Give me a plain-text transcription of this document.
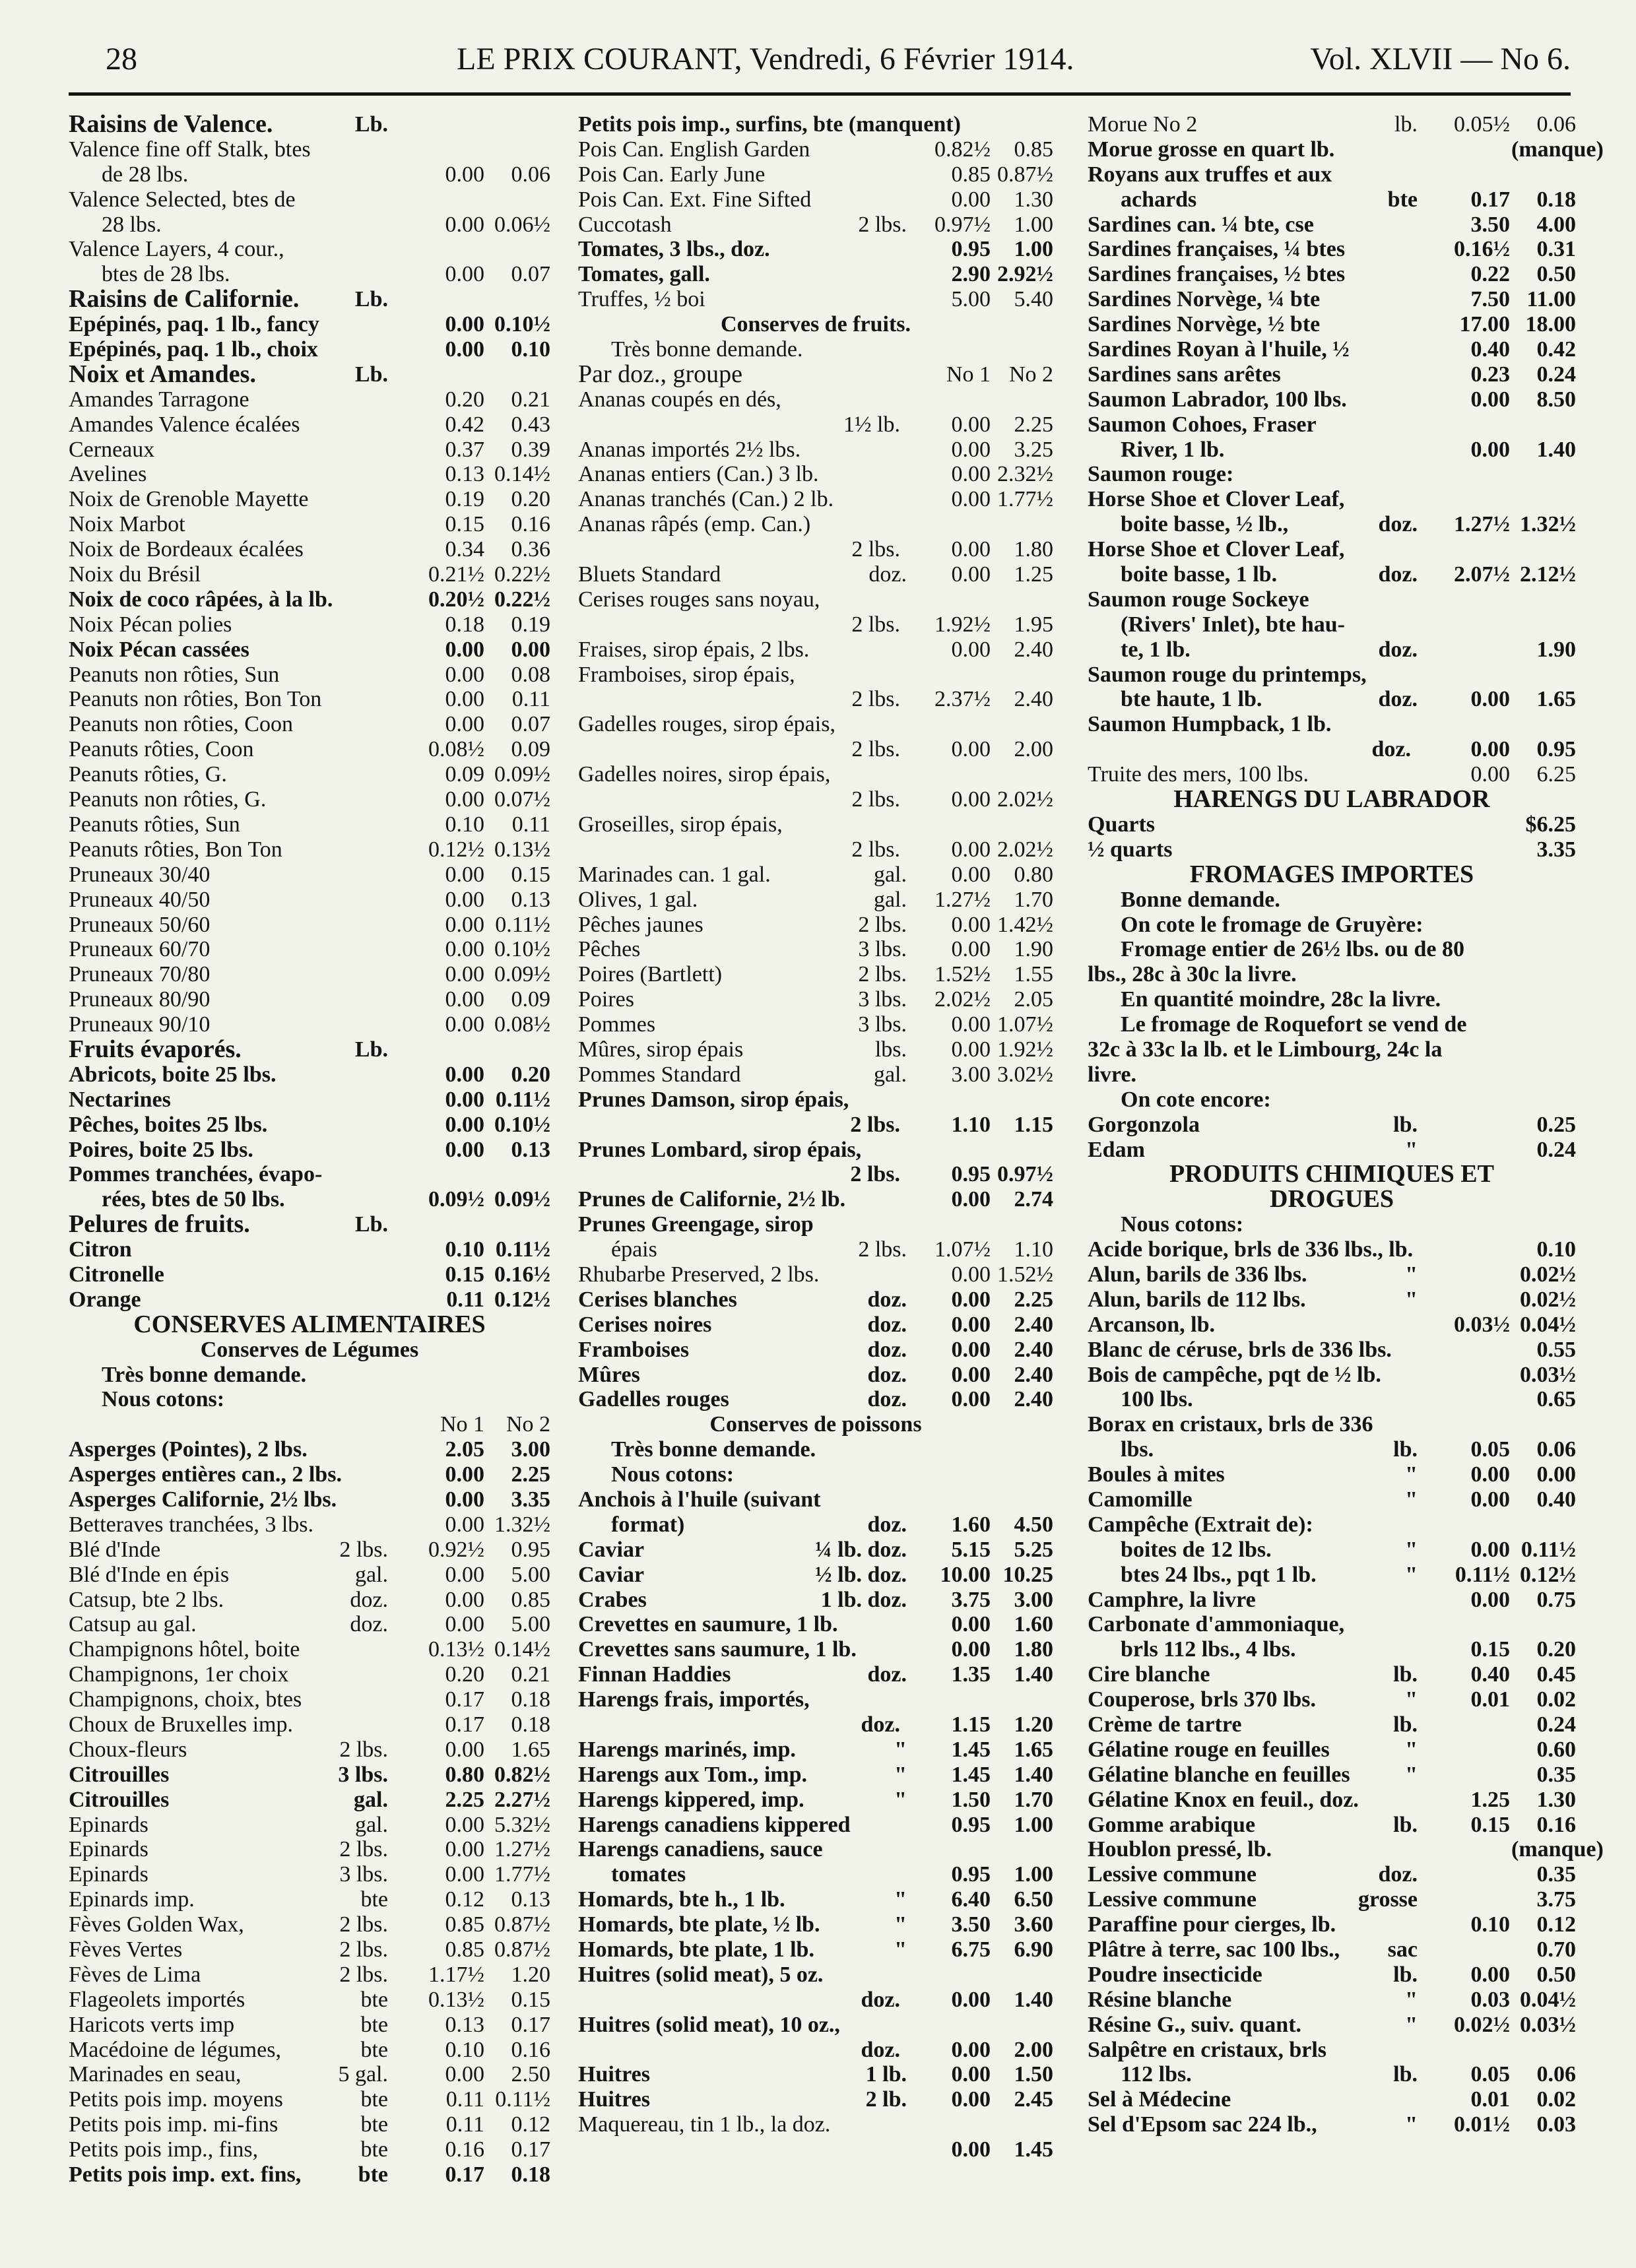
28	LE PRIX COURANT, Vendredi, 6 Février 1914.	Vol. XLVII — No 6.
Raisins de Valence.	Lb.
Valence fine off Stalk, btes
de 28 lbs.	0.00	0.06
Valence Selected, btes de
28 lbs.	0.00 0.06½
Valence Layers, 4 cour.,
btes de 28 lbs.	0.00	0.07
Raisins de Californie. Lb.
Epépinés, paq. 1 lb., fancy	0.00 0.10½
Epépinés, paq. 1 lb., choix	0.00	0.10
Noix et Amandes.	Lb.
Amandes Tarragone	0.20	0.21
Amandes Valence écalées	0.42	0.43
Cerneaux	0.37	0.39
Avelines	0.13 0.14½
Noix de Grenoble Mayette	0.19	0.20
Noix Marbot	0.15	0.16
Noix de Bordeaux écalées	0.34	0.36
Noix du Brésil	0.21½ 0.22½
Noix de coco râpées, à la lb.	0.20½ 0.22½
Noix Pécan polies	0.18	0.19
Noix Pécan cassées	0.00	0.00
Peanuts non rôties, Sun	0.00	0.08
Peanuts non rôties, Bon Ton	0.00	0.11
Peanuts non rôties, Coon	0.00	0.07
Peanuts rôties, Coon	0.08½	0.09
Peanuts rôties, G.	0.09 0.09½
Peanuts non rôties, G.	0.00 0.07½
Peanuts rôties, Sun	0.10	0.11
Peanuts rôties, Bon Ton	0.12½ 0.13½
Pruneaux 30/40	0.00	0.15
Pruneaux 40/50	0.00	0.13
Pruneaux 50/60	0.00 0.11½
Pruneaux 60/70	0.00 0.10½
Pruneaux 70/80	0.00 0.09½
Pruneaux 80/90	0.00	0.09
Pruneaux 90/10	0.00 0.08½
Fruits évaporés.	Lb.
Abricots, boite 25 lbs.	0.00	0.20
Nectarines	0.00 0.11½
Pêches, boites 25 lbs.	0.00 0.10½
Poires, boite 25 lbs.	0.00	0.13
Pommes tranchées, évapo-
rées, btes de 50 lbs.	0.09½ 0.09½
Pelures de fruits.	Lb.
Citron	0.10 0.11½
Citronelle	0.15 0.16½
Orange	0.11 0.12½
CONSERVES ALIMENTAIRES
Conserves de Légumes
Très bonne demande.
Nous cotons:
No 1 No 2
Asperges (Pointes), 2 lbs.	2.05	3.00
Asperges entières can., 2 lbs.	0.00	2.25
Asperges Californie, 2½ lbs.	0.00	3.35
Betteraves tranchées, 3 lbs.	0.00 1.32½
Blé d'Inde	2 lbs.	0.92½	0.95
Blé d'Inde en épis	gal.	0.00	5.00
Catsup, bte 2 lbs.	doz.	0.00	0.85
Catsup au gal.	doz.	0.00	5.00
Champignons hôtel, boite	0.13½ 0.14½
Champignons, 1er choix	0.20	0.21
Champignons, choix, btes	0.17	0.18
Choux de Bruxelles imp.	0.17	0.18
Choux-fleurs	2 lbs.	0.00	1.65
Citrouilles	3 lbs.	0.80 0.82½
Citrouilles	gal.	2.25 2.27½
Epinards	gal.	0.00 5.32½
Epinards	2 lbs.	0.00 1.27½
Epinards	3 lbs.	0.00 1.77½
Epinards imp.	bte	0.12	0.13
Fèves Golden Wax,	2 lbs.	0.85 0.87½
Fèves Vertes	2 lbs.	0.85 0.87½
Fèves de Lima	2 lbs.	1.17½	1.20
Flageolets importés	bte	0.13½	0.15
Haricots verts imp	bte	0.13	0.17
Macédoine de légumes,	bte	0.10	0.16
Marinades en seau,	5 gal.	0.00	2.50
Petits pois imp. moyens	bte	0.11 0.11½
Petits pois imp. mi-fins	bte	0.11	0.12
Petits pois imp., fins,	bte	0.16	0.17
Petits pois imp. ext. fins,	bte	0.17	0.18
Petits pois imp., surfins, bte (manquent)
Pois Can. English Garden	0.82½	0.85
Pois Can. Early June	0.85 0.87½
Pois Can. Ext. Fine Sifted	0.00	1.30
Cuccotash	2 lbs.	0.97½	1.00
Tomates, 3 lbs., doz.	0.95	1.00
Tomates, gall.	2.90 2.92½
Truffes, ½ boi	5.00	5.40
Conserves de fruits.
Très bonne demande.
Par doz., groupe	No 1 No 2
Ananas coupés en dés,
1½ lb.	0.00	2.25
Ananas importés 2½ lbs.	0.00	3.25
Ananas entiers (Can.) 3 lb.	0.00 2.32½
Ananas tranchés (Can.) 2 lb.	0.00 1.77½
Ananas râpés (emp. Can.)
2 lbs.	0.00	1.80
Bluets Standard	doz.	0.00	1.25
Cerises rouges sans noyau,
2 lbs.	1.92½	1.95
Fraises, sirop épais, 2 lbs.	0.00	2.40
Framboises, sirop épais,
2 lbs.	2.37½	2.40
Gadelles rouges, sirop épais,
2 lbs.	0.00	2.00
Gadelles noires, sirop épais,
2 lbs.	0.00 2.02½
Groseilles, sirop épais,
2 lbs.	0.00 2.02½
Marinades can. 1 gal.	gal.	0.00	0.80
Olives, 1 gal.	gal.	1.27½	1.70
Pêches jaunes	2 lbs.	0.00 1.42½
Pêches	3 lbs.	0.00	1.90
Poires (Bartlett)	2 lbs.	1.52½	1.55
Poires	3 lbs.	2.02½	2.05
Pommes	3 lbs.	0.00 1.07½
Mûres, sirop épais	lbs.	0.00 1.92½
Pommes Standard	gal.	3.00 3.02½
Prunes Damson, sirop épais,
2 lbs.	1.10	1.15
Prunes Lombard, sirop épais,
2 lbs.	0.95 0.97½
Prunes de Californie, 2½ lb.	0.00	2.74
Prunes Greengage, sirop
épais	2 lbs.	1.07½	1.10
Rhubarbe Preserved, 2 lbs.	0.00 1.52½
Cerises blanches	doz.	0.00	2.25
Cerises noires	doz.	0.00	2.40
Framboises	doz.	0.00	2.40
Mûres	doz.	0.00	2.40
Gadelles rouges	doz.	0.00	2.40
Conserves de poissons
Très bonne demande.
Nous cotons:
Anchois à l'huile (suivant
format)	doz.	1.60	4.50
Caviar	¼ lb. doz.	5.15	5.25
Caviar	½ lb. doz.	10.00 10.25
Crabes	1 lb. doz.	3.75	3.00
Crevettes en saumure, 1 lb.	0.00	1.60
Crevettes sans saumure, 1 lb.	0.00	1.80
Finnan Haddies	doz.	1.35	1.40
Harengs frais, importés,
doz.	1.15	1.20
Harengs marinés, imp.	"	1.45	1.65
Harengs aux Tom., imp.	"	1.45	1.40
Harengs kippered, imp.	"	1.50	1.70
Harengs canadiens kippered	0.95	1.00
Harengs canadiens, sauce
tomates	0.95	1.00
Homards, bte h., 1 lb.	"	6.40	6.50
Homards, bte plate, ½ lb.	"	3.50	3.60
Homards, bte plate, 1 lb.	"	6.75	6.90
Huitres (solid meat), 5 oz.
doz.	0.00	1.40
Huitres (solid meat), 10 oz.,
doz.	0.00	2.00
Huitres	1 lb.	0.00	1.50
Huitres	2 lb.	0.00	2.45
Maquereau, tin 1 lb., la doz.
0.00	1.45
Morue No 2	lb.	0.05½	0.06
Morue grosse en quart lb.	(manque)
Royans aux truffes et aux
achards	bte	0.17	0.18
Sardines can. ¼ bte, cse	3.50	4.00
Sardines françaises, ¼ btes	0.16½	0.31
Sardines françaises, ½ btes	0.22	0.50
Sardines Norvège, ¼ bte	7.50 11.00
Sardines Norvège, ½ bte	17.00 18.00
Sardines Royan à l'huile, ½	0.40	0.42
Sardines sans arêtes	0.23	0.24
Saumon Labrador, 100 lbs.	0.00	8.50
Saumon Cohoes, Fraser
River, 1 lb.	0.00	1.40
Saumon rouge:
Horse Shoe et Clover Leaf,
boite basse, ½ lb.,	doz.	1.27½ 1.32½
Horse Shoe et Clover Leaf,
boite basse, 1 lb.	doz.	2.07½ 2.12½
Saumon rouge Sockeye
(Rivers' Inlet), bte hau-
te, 1 lb.	doz.	1.90
Saumon rouge du printemps,
bte haute, 1 lb.	doz.	0.00	1.65
Saumon Humpback, 1 lb.
doz.	0.00	0.95
Truite des mers, 100 lbs.	0.00	6.25
HARENGS DU LABRADOR
Quarts	$6.25
½ quarts	3.35
FROMAGES IMPORTES
Bonne demande.
On cote le fromage de Gruyère:
Fromage entier de 26½ lbs. ou de 80
lbs., 28c à 30c la livre.
En quantité moindre, 28c la livre.
Le fromage de Roquefort se vend de
32c à 33c la lb. et le Limbourg, 24c la
livre.
On cote encore:
Gorgonzola	lb.	0.25
Edam	"	0.24
PRODUITS CHIMIQUES ET
DROGUES
Nous cotons:
Acide borique, brls de 336 lbs., lb.	0.10
Alun, barils de 336 lbs.	"	0.02½
Alun, barils de 112 lbs.	"	0.02½
Arcanson, lb.	0.03½ 0.04½
Blanc de céruse, brls de 336 lbs.	0.55
Bois de campêche, pqt de ½ lb.	0.03½
100 lbs.	0.65
Borax en cristaux, brls de 336
lbs.	lb.	0.05	0.06
Boules à mites	"	0.00	0.00
Camomille	"	0.00	0.40
Campêche (Extrait de):
boites de 12 lbs.	"	0.00 0.11½
btes 24 lbs., pqt 1 lb.	"	0.11½ 0.12½
Camphre, la livre	0.00	0.75
Carbonate d'ammoniaque,
brls 112 lbs., 4 lbs.	0.15	0.20
Cire blanche	lb.	0.40	0.45
Couperose, brls 370 lbs.	"	0.01	0.02
Crème de tartre	lb.	0.24
Gélatine rouge en feuilles	"	0.60
Gélatine blanche en feuilles "	0.35
Gélatine Knox en feuil., doz.	1.25	1.30
Gomme arabique	lb.	0.15	0.16
Houblon pressé, lb.	(manque)
Lessive commune	doz.	0.35
Lessive commune	grosse	3.75
Paraffine pour cierges, lb.	0.10	0.12
Plâtre à terre, sac 100 lbs., sac	0.70
Poudre insecticide	lb.	0.00	0.50
Résine blanche	"	0.03 0.04½
Résine G., suiv. quant.	"	0.02½ 0.03½
Salpêtre en cristaux, brls
112 lbs.	lb.	0.05	0.06
Sel à Médecine	0.01	0.02
Sel d'Epsom sac 224 lb.,	"	0.01½	0.03
